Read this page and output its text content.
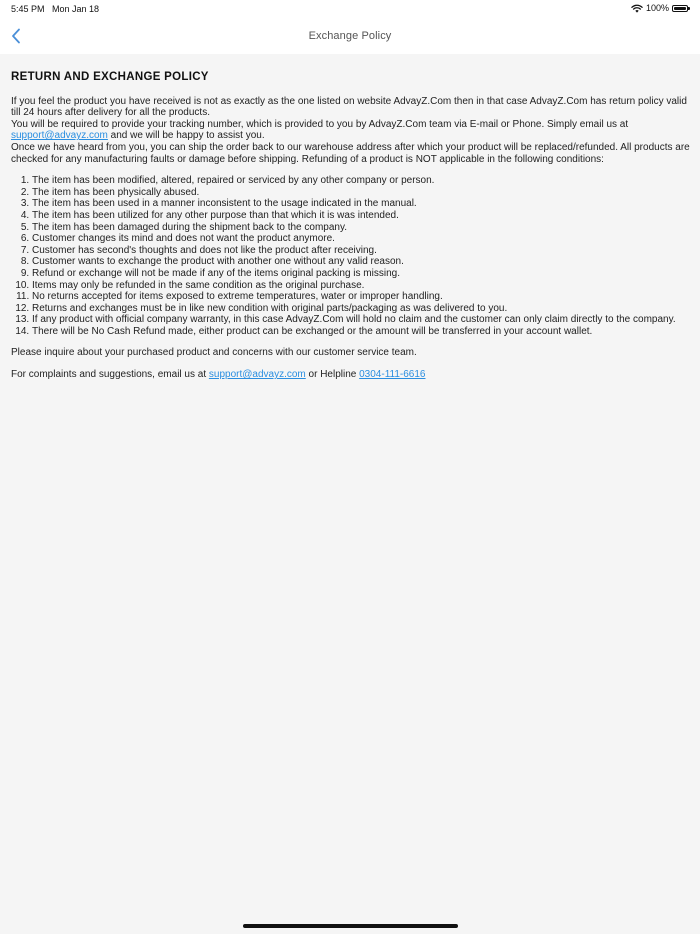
5:45 PM Mon Jan 18	100%
Exchange Policy
RETURN AND EXCHANGE POLICY

If you feel the product you have received is not as exactly as the one listed on website AdvayZ.Com then in that case AdvayZ.Com has return policy valid till 24 hours after delivery for all the products.

You will be required to provide your tracking number, which is provided to you by AdvayZ.Com team via E-mail or Phone. Simply email us at support@advayz.com and we will be happy to assist you.

Once we have heard from you, you can ship the order back to our warehouse address after which your product will be replaced/refunded. All products are checked for any manufacturing faults or damage before shipping. Refunding of a product is NOT applicable in the following conditions:

1. The item has been modified, altered, repaired or serviced by any other company or person.
2. The item has been physically abused.
3. The item has been used in a manner inconsistent to the usage indicated in the manual.
4. The item has been utilized for any other purpose than that which it is was intended.
5. The item has been damaged during the shipment back to the company.
6. Customer changes its mind and does not want the product anymore.
7. Customer has second's thoughts and does not like the product after receiving.
8. Customer wants to exchange the product with another one without any valid reason.
9. Refund or exchange will not be made if any of the items original packing is missing.
10. Items may only be refunded in the same condition as the original purchase.
11. No returns accepted for items exposed to extreme temperatures, water or improper handling.
12. Returns and exchanges must be in like new condition with original parts/packaging as was delivered to you.
13. If any product with official company warranty, in this case AdvayZ.Com will hold no claim and the customer can only claim directly to the company.
14. There will be No Cash Refund made, either product can be exchanged or the amount will be transferred in your account wallet.

Please inquire about your purchased product and concerns with our customer service team.

For complaints and suggestions, email us at support@advayz.com or Helpline 0304-111-6616
